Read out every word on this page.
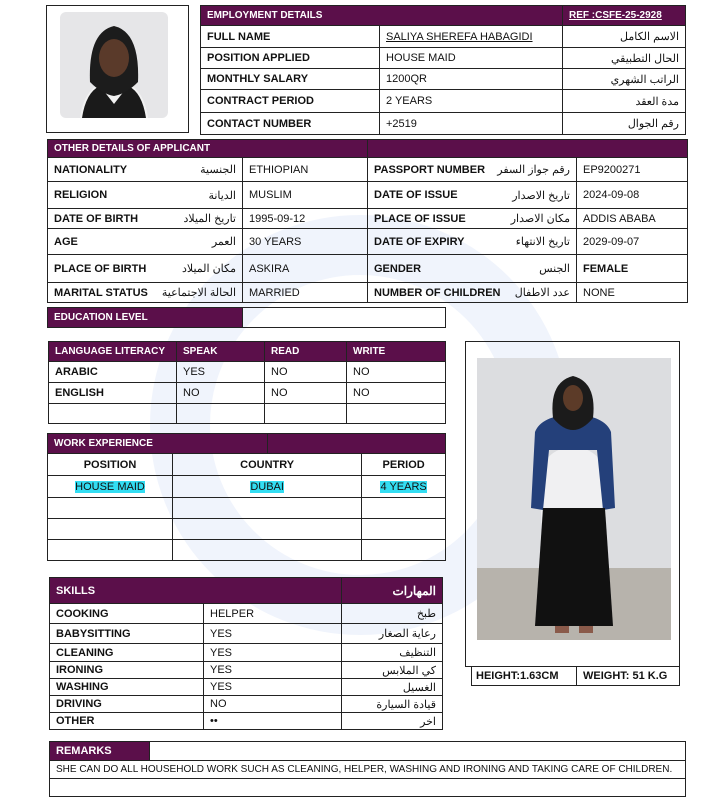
EMPLOYMENT DETAILS		REF :CSFE-25-2928
FULL NAME	SALIYA SHEREFA HABAGIDI	الاسم الكامل
POSITION APPLIED	HOUSE MAID	الحال التطبيقي
MONTHLY SALARY	1200QR	الراتب الشهري
CONTRACT PERIOD	2 YEARS	مدة العقد
CONTACT NUMBER	+2519	رقم الجوال
OTHER DETAILS OF APPLICANT			

NATIONALITY الجنسية	ETHIOPIAN	PASSPORT NUMBER رقم جواز السفر	EP9200271

RELIGION الديانة	MUSLIM	DATE OF ISSUE تاريخ الاصدار	2024-09-08

DATE OF BIRTH تاريخ الميلاد	1995-09-12	PLACE OF ISSUE مكان الاصدار	ADDIS ABABA

AGE العمر	30 YEARS	DATE OF EXPIRY تاريخ الانتهاء	2029-09-07

PLACE OF BIRTH مكان الميلاد	ASKIRA	GENDER الجنس	FEMALE

MARITAL STATUS الحالة الاجتماعية	MARRIED	NUMBER OF CHILDREN عدد الاطفال	NONE
EDUCATION LEVEL	
LANGUAGE LITERACY	SPEAK	READ	WRITE
ARABIC	YES	NO	NO
ENGLISH	NO	NO	NO

WORK EXPERIENCE			
POSITION	COUNTRY		PERIOD
HOUSE MAID	DUBAI		4 YEARS

SKILLS		المهارات
COOKING	HELPER	طبخ
BABYSITTING	YES	رعاية الصغار
CLEANING	YES	التنظيف
IRONING	YES	كي الملابس
WASHING	YES	الغسيل
DRIVING	NO	قيادة السيارة
OTHER	••	اخر
HEIGHT:1.63CM	WEIGHT: 51 K.G
REMARKS	
SHE CAN DO ALL HOUSEHOLD WORK SUCH AS CLEANING, HELPER, WASHING AND IRONING AND TAKING CARE OF CHILDREN.
